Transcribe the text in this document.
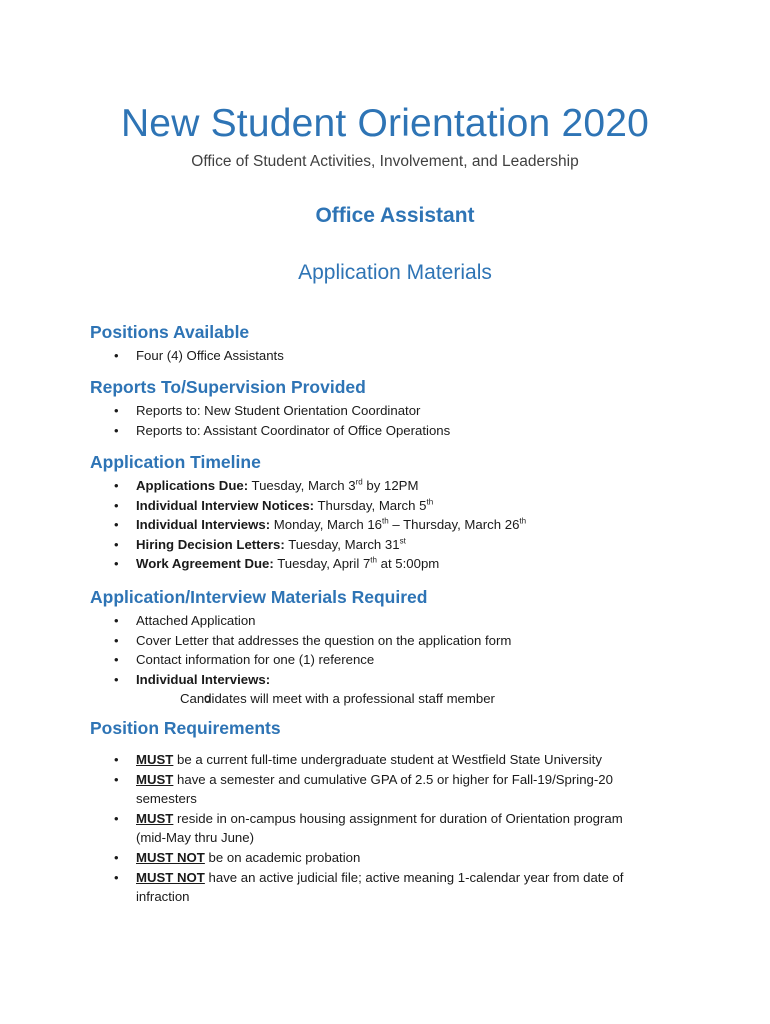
New Student Orientation 2020
Office of Student Activities, Involvement, and Leadership
Office Assistant
Application Materials
Positions Available
• Four (4) Office Assistants
Reports To/Supervision Provided
• Reports to: New Student Orientation Coordinator
• Reports to: Assistant Coordinator of Office Operations
Application Timeline
• Applications Due: Tuesday, March 3rd by 12PM
• Individual Interview Notices: Thursday, March 5th
• Individual Interviews: Monday, March 16th – Thursday, March 26th
• Hiring Decision Letters: Tuesday, March 31st
• Work Agreement Due: Tuesday, April 7th at 5:00pm
Application/Interview Materials Required
• Attached Application
• Cover Letter that addresses the question on the application form
• Contact information for one (1) reference
• Individual Interviews:
o Candidates will meet with a professional staff member
Position Requirements
• MUST be a current full-time undergraduate student at Westfield State University
• MUST have a semester and cumulative GPA of 2.5 or higher for Fall-19/Spring-20 semesters
• MUST reside in on-campus housing assignment for duration of Orientation program (mid-May thru June)
• MUST NOT be on academic probation
• MUST NOT have an active judicial file; active meaning 1-calendar year from date of infraction
